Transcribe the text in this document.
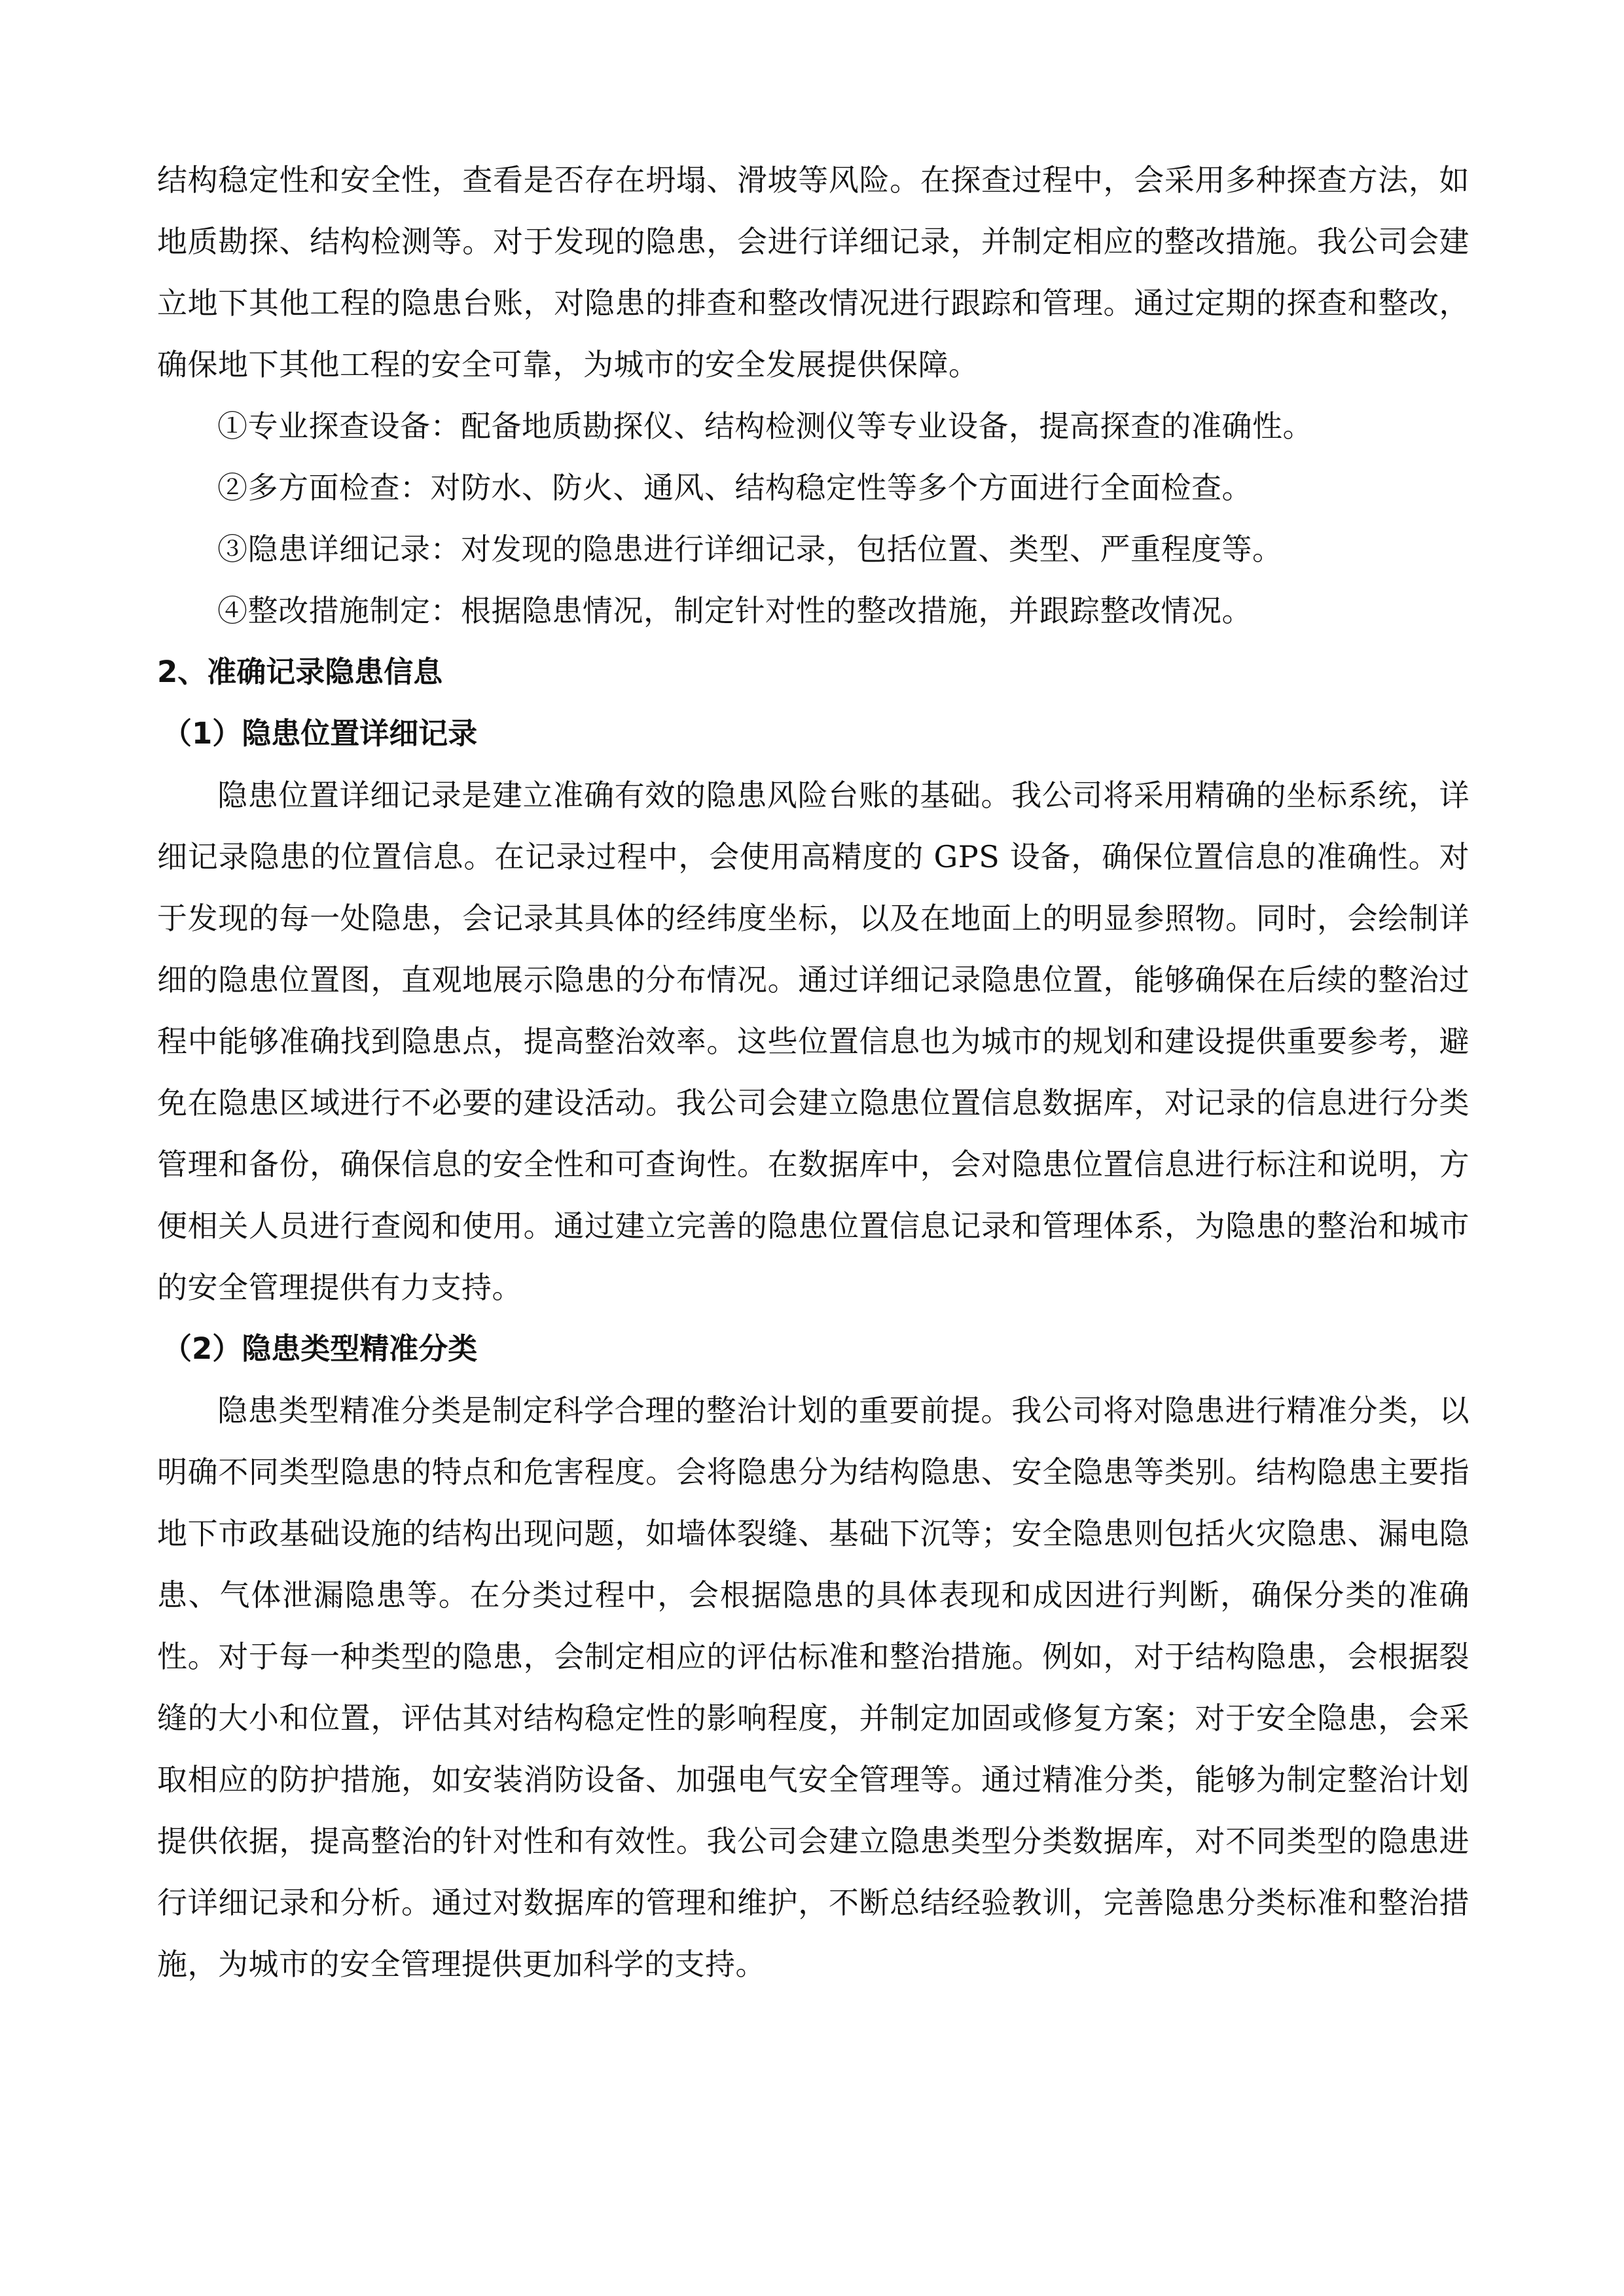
结构稳定性和安全性，查看是否存在坍塌、滑坡等风险。在探查过程中，会采用多种探查方法，如地质勘探、结构检测等。对于发现的隐患，会进行详细记录，并制定相应的整改措施。我公司会建立地下其他工程的隐患台账，对隐患的排查和整改情况进行跟踪和管理。通过定期的探查和整改，确保地下其他工程的安全可靠，为城市的安全发展提供保障。

①专业探查设备：配备地质勘探仪、结构检测仪等专业设备，提高探查的准确性。

②多方面检查：对防水、防火、通风、结构稳定性等多个方面进行全面检查。

③隐患详细记录：对发现的隐患进行详细记录，包括位置、类型、严重程度等。

④整改措施制定：根据隐患情况，制定针对性的整改措施，并跟踪整改情况。

2、准确记录隐患信息

（1）隐患位置详细记录

隐患位置详细记录是建立准确有效的隐患风险台账的基础。我公司将采用精确的坐标系统，详细记录隐患的位置信息。在记录过程中，会使用高精度的 GPS 设备，确保位置信息的准确性。对于发现的每一处隐患，会记录其具体的经纬度坐标，以及在地面上的明显参照物。同时，会绘制详细的隐患位置图，直观地展示隐患的分布情况。通过详细记录隐患位置，能够确保在后续的整治过程中能够准确找到隐患点，提高整治效率。这些位置信息也为城市的规划和建设提供重要参考，避免在隐患区域进行不必要的建设活动。我公司会建立隐患位置信息数据库，对记录的信息进行分类管理和备份，确保信息的安全性和可查询性。在数据库中，会对隐患位置信息进行标注和说明，方便相关人员进行查阅和使用。通过建立完善的隐患位置信息记录和管理体系，为隐患的整治和城市的安全管理提供有力支持。

（2）隐患类型精准分类

隐患类型精准分类是制定科学合理的整治计划的重要前提。我公司将对隐患进行精准分类，以明确不同类型隐患的特点和危害程度。会将隐患分为结构隐患、安全隐患等类别。结构隐患主要指地下市政基础设施的结构出现问题，如墙体裂缝、基础下沉等；安全隐患则包括火灾隐患、漏电隐患、气体泄漏隐患等。在分类过程中，会根据隐患的具体表现和成因进行判断，确保分类的准确性。对于每一种类型的隐患，会制定相应的评估标准和整治措施。例如，对于结构隐患，会根据裂缝的大小和位置，评估其对结构稳定性的影响程度，并制定加固或修复方案；对于安全隐患，会采取相应的防护措施，如安装消防设备、加强电气安全管理等。通过精准分类，能够为制定整治计划提供依据，提高整治的针对性和有效性。我公司会建立隐患类型分类数据库，对不同类型的隐患进行详细记录和分析。通过对数据库的管理和维护，不断总结经验教训，完善隐患分类标准和整治措施，为城市的安全管理提供更加科学的支持。
